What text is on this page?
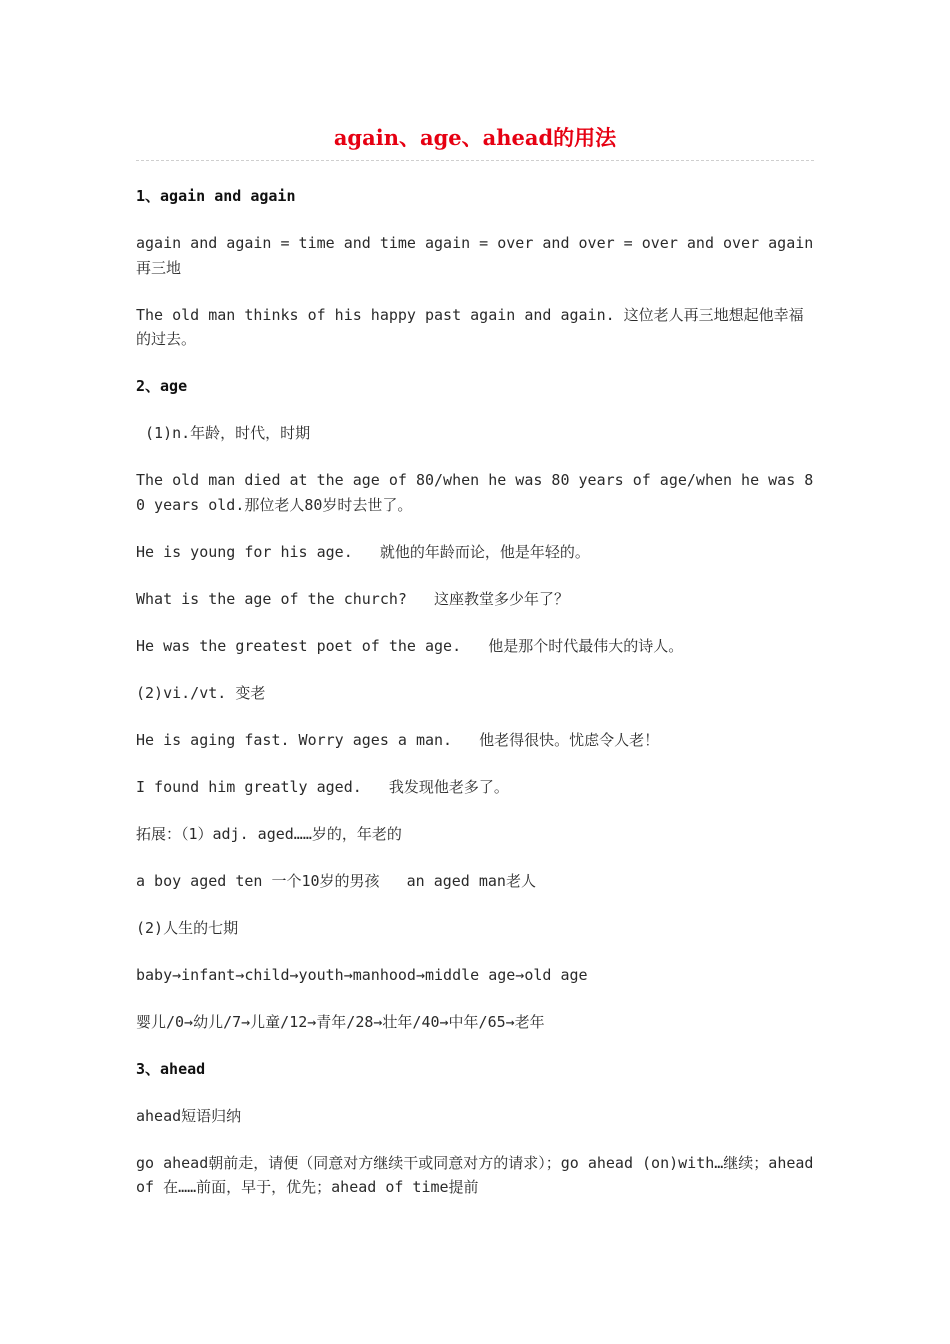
again、age、ahead的用法
1、again and again
again and again = time and time again = over and over = over and over again再三地
The old man thinks of his happy past again and again. 这位老人再三地想起他幸福的过去。
2、age
(1)n.年龄，时代，时期
The old man died at the age of 80/when he was 80 years of age/when he was 80 years old.那位老人80岁时去世了。
He is young for his age.   就他的年龄而论，他是年轻的。
What is the age of the church?   这座教堂多少年了？
He was the greatest poet of the age.   他是那个时代最伟大的诗人。
(2)vi./vt. 变老
He is aging fast. Worry ages a man.   他老得很快。忧虑令人老！
I found him greatly aged.   我发现他老多了。
拓展：（1）adj. aged……岁的，年老的
a boy aged ten 一个10岁的男孩   an aged man老人
(2)人生的七期
baby→infant→child→youth→manhood→middle age→old age
婴儿/0→幼儿/7→儿童/12→青年/28→壮年/40→中年/65→老年
3、ahead
ahead短语归纳
go ahead朝前走，请便（同意对方继续干或同意对方的请求）；go ahead (on)with…继续；ahead of 在……前面，早于，优先；ahead of time提前
